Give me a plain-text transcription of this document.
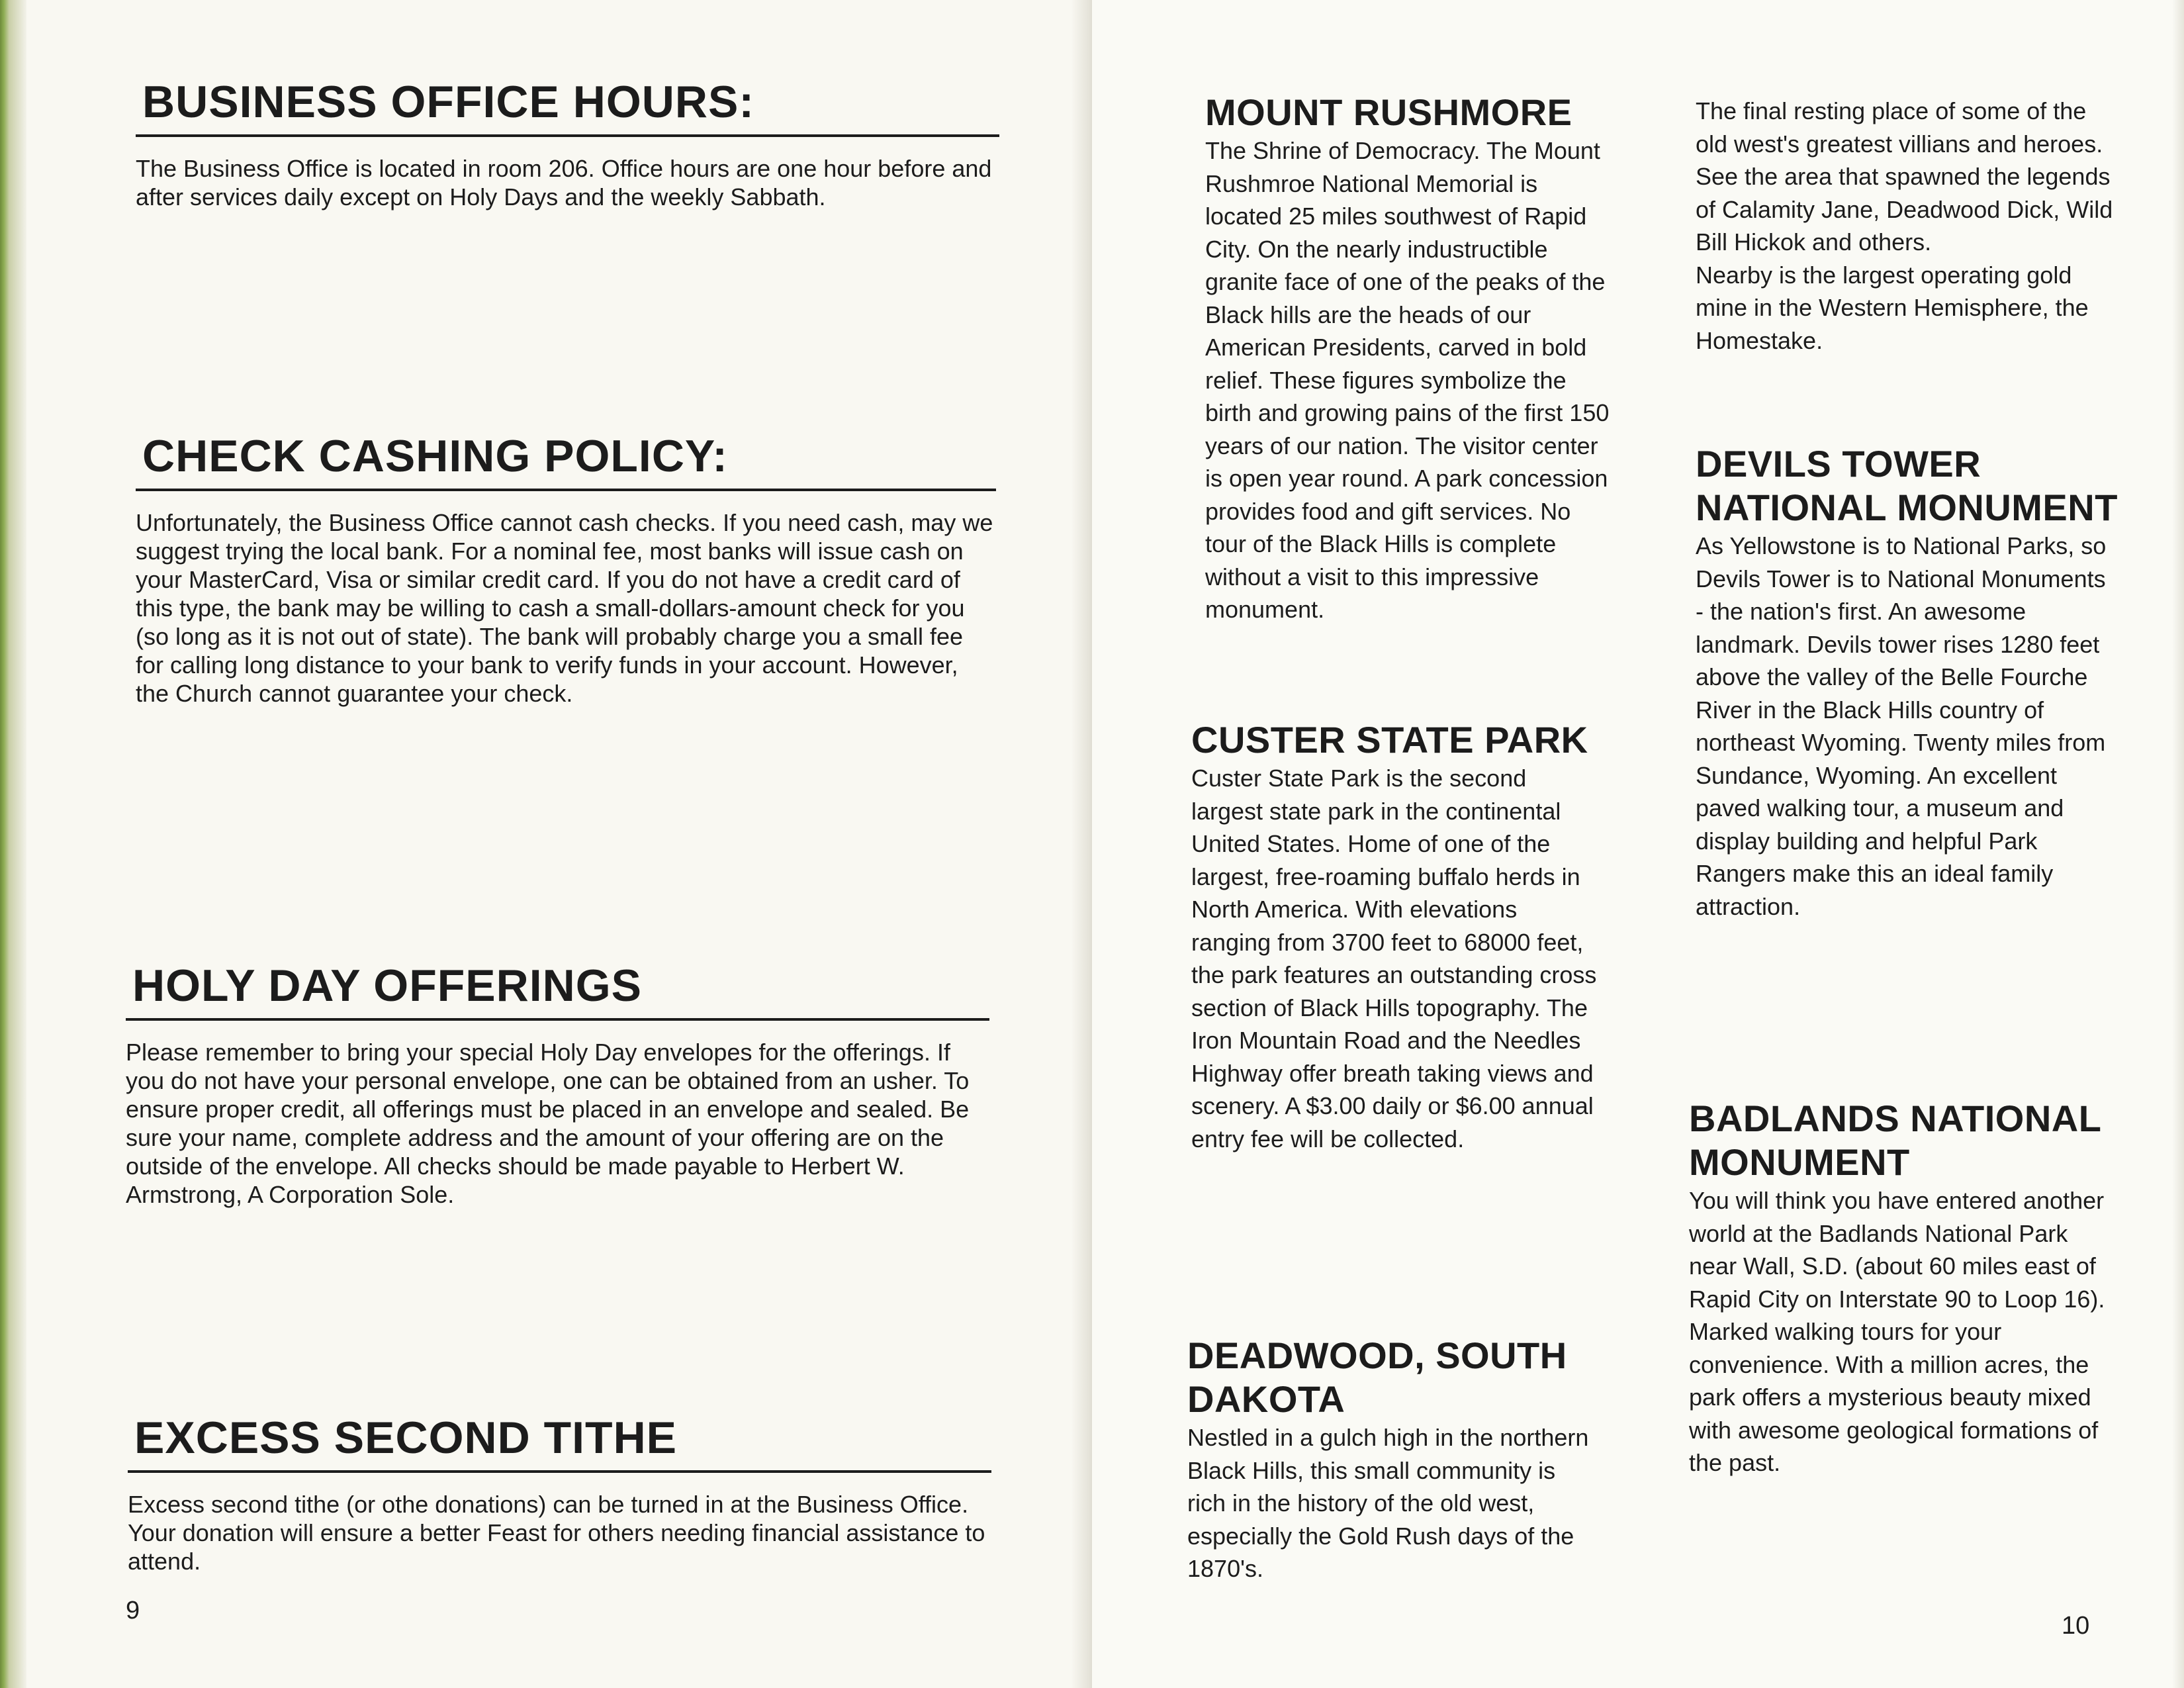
BUSINESS OFFICE HOURS:

The Business Office is located in room 206. Office hours are one hour before and after services daily except on Holy Days and the weekly Sabbath.

CHECK CASHING POLICY:

Unfortunately, the Business Office cannot cash checks. If you need cash, may we suggest trying the local bank. For a nominal fee, most banks will issue cash on your MasterCard, Visa or similar credit card. If you do not have a credit card of this type, the bank may be willing to cash a small-dollars-amount check for you (so long as it is not out of state). The bank will probably charge you a small fee for calling long distance to your bank to verify funds in your account. However, the Church cannot guarantee your check.

HOLY DAY OFFERINGS

Please remember to bring your special Holy Day envelopes for the offerings. If you do not have your personal envelope, one can be obtained from an usher. To ensure proper credit, all offerings must be placed in an envelope and sealed. Be sure your name, complete address and the amount of your offering are on the outside of the envelope. All checks should be made payable to Herbert W. Armstrong, A Corporation Sole.

EXCESS SECOND TITHE

Excess second tithe (or othe donations) can be turned in at the Business Office. Your donation will ensure a better Feast for others needing financial assistance to attend.

9
MOUNT RUSHMORE

The Shrine of Democracy. The Mount Rushmroe National Memorial is located 25 miles southwest of Rapid City. On the nearly industructible granite face of one of the peaks of the Black hills are the heads of our American Presidents, carved in bold relief. These figures symbolize the birth and growing pains of the first 150 years of our nation. The visitor center is open year round. A park concession provides food and gift services. No tour of the Black Hills is complete without a visit to this impressive monument.

CUSTER STATE PARK

Custer State Park is the second largest state park in the continental United States. Home of one of the largest, free-roaming buffalo herds in North America. With elevations ranging from 3700 feet to 68000 feet, the park features an outstanding cross section of Black Hills topography. The Iron Mountain Road and the Needles Highway offer breath taking views and scenery. A $3.00 daily or $6.00 annual entry fee will be collected.

DEADWOOD, SOUTH DAKOTA

Nestled in a gulch high in the northern Black Hills, this small community is rich in the history of the old west, especially the Gold Rush days of the 1870's.

The final resting place of some of the old west's greatest villians and heroes. See the area that spawned the legends of Calamity Jane, Deadwood Dick, Wild Bill Hickok and others.

Nearby is the largest operating gold mine in the Western Hemisphere, the Homestake.

DEVILS TOWER NATIONAL MONUMENT

As Yellowstone is to National Parks, so Devils Tower is to National Monuments - the nation's first. An awesome landmark. Devils tower rises 1280 feet above the valley of the Belle Fourche River in the Black Hills country of northeast Wyoming. Twenty miles from Sundance, Wyoming. An excellent paved walking tour, a museum and display building and helpful Park Rangers make this an ideal family attraction.

BADLANDS NATIONAL MONUMENT

You will think you have entered another world at the Badlands National Park near Wall, S.D. (about 60 miles east of Rapid City on Interstate 90 to Loop 16). Marked walking tours for your convenience. With a million acres, the park offers a mysterious beauty mixed with awesome geological formations of the past.

10
